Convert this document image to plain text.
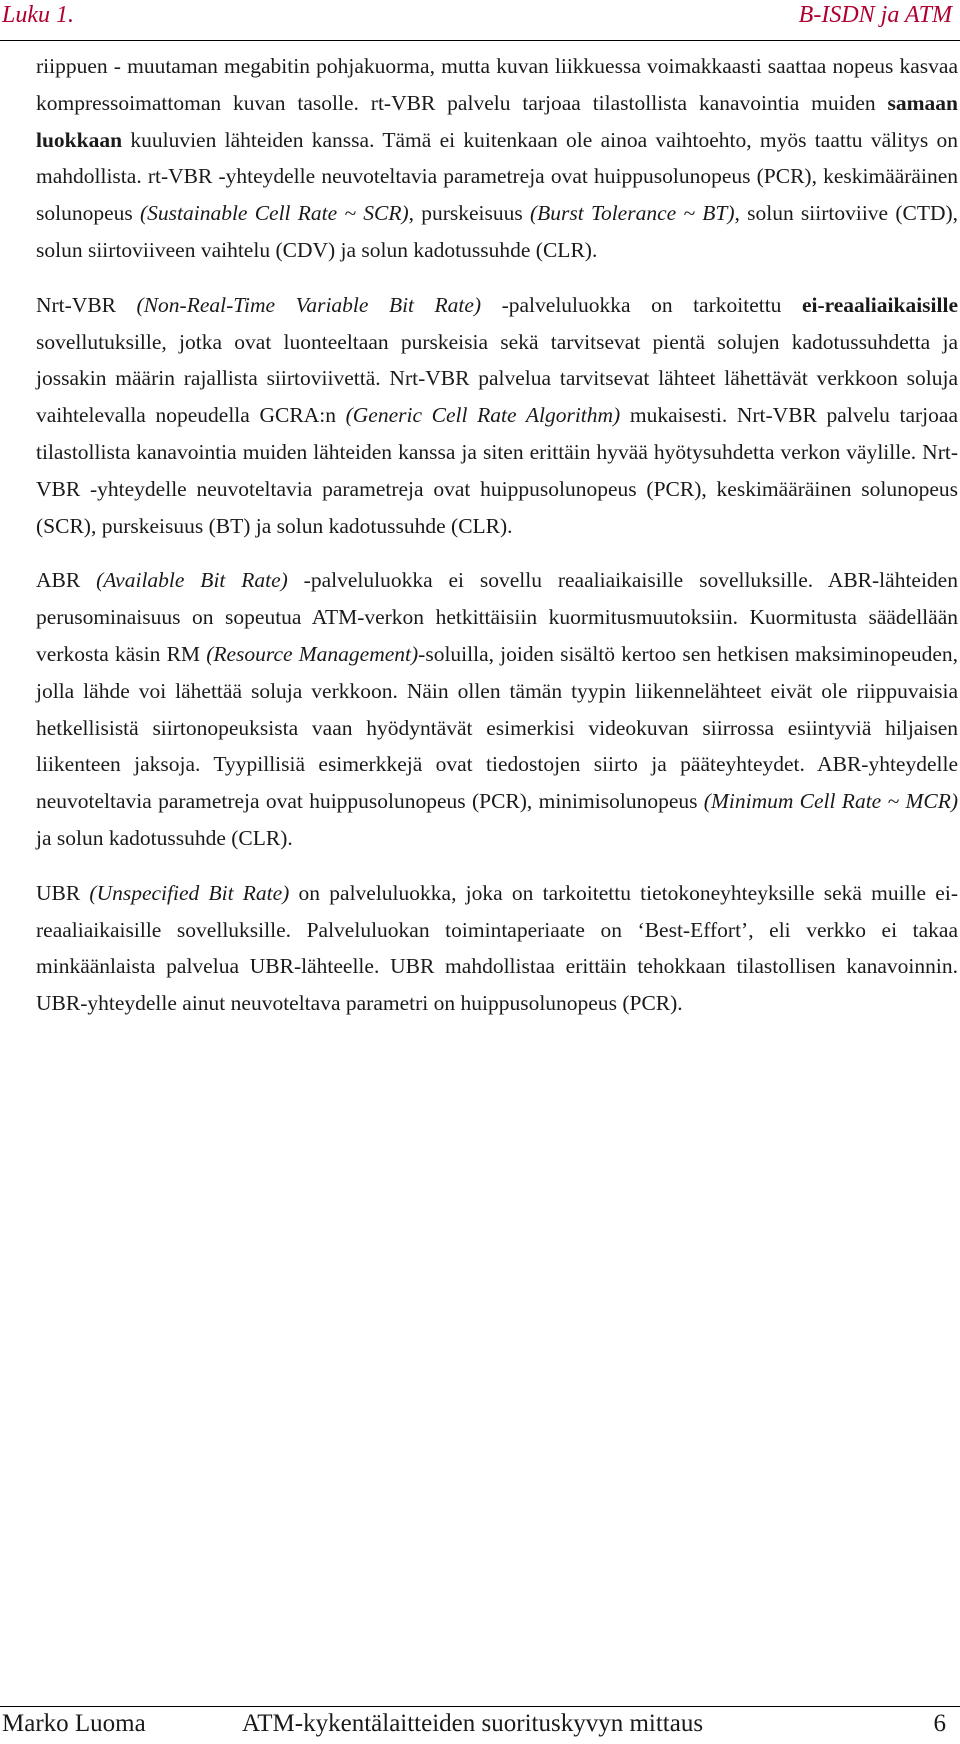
Luku 1.	B-ISDN ja ATM

riippuen - muutaman megabitin pohjakuorma, mutta kuvan liikkuessa voimakkaasti saattaa nopeus kasvaa kompressoimattoman kuvan tasolle. rt-VBR palvelu tarjoaa tilastollista kanavointia muiden samaan luokkaan kuuluvien lähteiden kanssa. Tämä ei kuitenkaan ole ainoa vaihtoehto, myös taattu välitys on mahdollista. rt-VBR -yhteydelle neuvoteltavia parametreja ovat huippusolunopeus (PCR), keskimääräinen solunopeus (Sustainable Cell Rate ~ SCR), purskeisuus (Burst Tolerance ~ BT), solun siirtoviive (CTD), solun siirtoviiveen vaihtelu (CDV) ja solun kadotussuhde (CLR).

Nrt-VBR (Non-Real-Time Variable Bit Rate) -palveluluokka on tarkoitettu ei-reaaliaikaisille sovellutuksille, jotka ovat luonteeltaan purskeisia sekä tarvitsevat pientä solujen kadotussuhdetta ja jossakin määrin rajallista siirtoviivettä. Nrt-VBR palvelua tarvitsevat lähteet lähettävät verkkoon soluja vaihtelevalla nopeudella GCRA:n (Generic Cell Rate Algorithm) mukaisesti. Nrt-VBR palvelu tarjoaa tilastollista kanavointia muiden lähteiden kanssa ja siten erittäin hyvää hyötysuhdetta verkon väylille. Nrt-VBR -yhteydelle neuvoteltavia parametreja ovat huippusolunopeus (PCR), keskimääräinen solunopeus (SCR), purskeisuus (BT) ja solun kadotussuhde (CLR).

ABR (Available Bit Rate) -palveluluokka ei sovellu reaaliaikaisille sovelluksille. ABR-lähteiden perusominaisuus on sopeutua ATM-verkon hetkittäisiin kuormitusmuutoksiin. Kuormitusta säädellään verkosta käsin RM (Resource Management)-soluilla, joiden sisältö kertoo sen hetkisen maksiminopeuden, jolla lähde voi lähettää soluja verkkoon. Näin ollen tämän tyypin liikennelähteet eivät ole riippuvaisia hetkellisistä siirtonopeuksista vaan hyödyntävät esimerkisi videokuvan siirrossa esiintyviä hiljaisen liikenteen jaksoja. Tyypillisiä esimerkkejä ovat tiedostojen siirto ja pääteyhteydet. ABR-yhteydelle neuvoteltavia parametreja ovat huippusolunopeus (PCR), minimisolunopeus (Minimum Cell Rate ~ MCR) ja solun kadotussuhde (CLR).

UBR (Unspecified Bit Rate) on palveluluokka, joka on tarkoitettu tietokoneyhteyksille sekä muille ei-reaaliaikaisille sovelluksille. Palveluluokan toimintaperiaate on ‘Best-Effort’, eli verkko ei takaa minkäänlaista palvelua UBR-lähteelle. UBR mahdollistaa erittäin tehokkaan tilastollisen kanavoinnin. UBR-yhteydelle ainut neuvoteltava parametri on huippusolunopeus (PCR).

Marko Luoma	ATM-kykentälaitteiden suorituskyvyn mittaus	6
